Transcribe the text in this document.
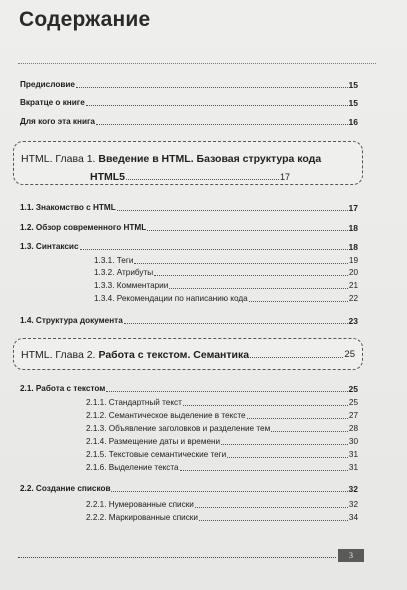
Содержание
Предисловие	15
Вкратце о книге	15
Для кого эта книга	16
HTML. Глава 1. Введение в HTML. Базовая структура кода
HTML5	17
1.1. Знакомство с HTML	17
1.2. Обзор современного HTML	18
1.3. Синтаксис	18
1.3.1. Теги	19
1.3.2. Атрибуты	20
1.3.3. Комментарии	21
1.3.4. Рекомендации по написанию кода	22
1.4. Структура документа	23
HTML. Глава 2. Работа с текстом. Семантика	25
2.1. Работа с текстом	25
2.1.1. Стандартный текст	25
2.1.2. Семантическое выделение в тексте	27
2.1.3. Объявление заголовков и разделение тем	28
2.1.4. Размещение даты и времени	30
2.1.5. Текстовые семантические теги	31
2.1.6. Выделение текста	31
2.2. Создание списков	32
2.2.1. Нумерованные списки	32
2.2.2. Маркированные списки	34
3
